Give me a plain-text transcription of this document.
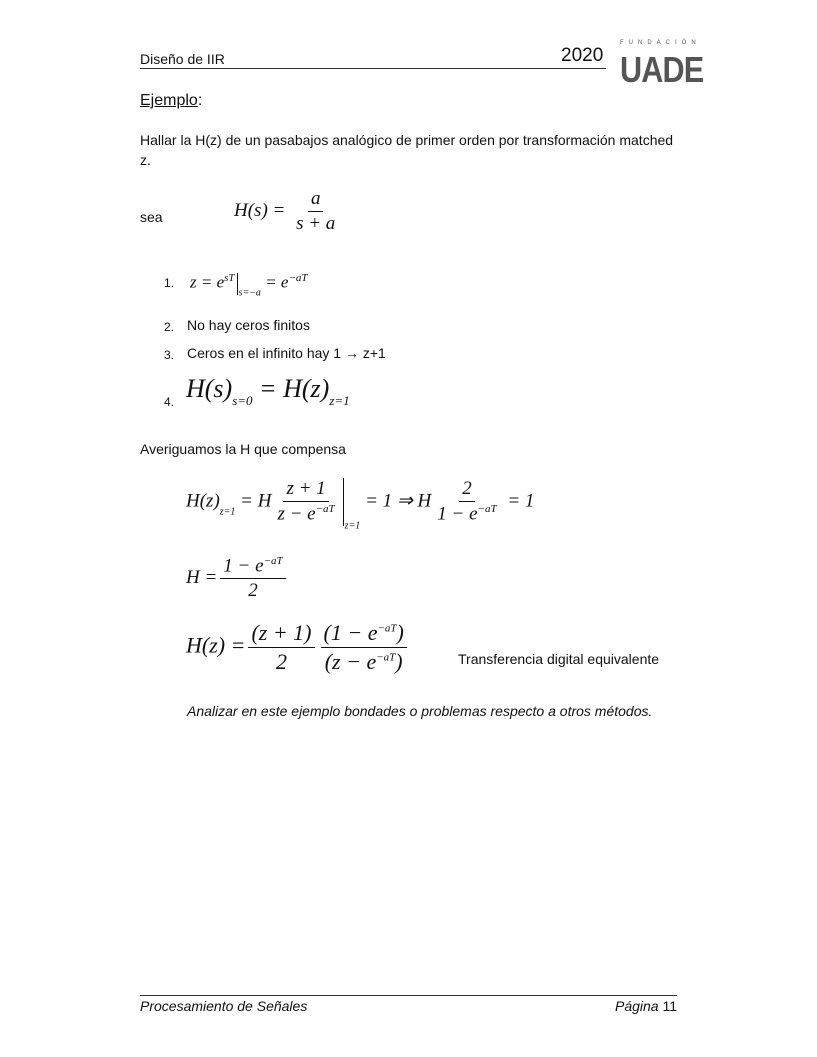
Diseño de IIR	2020
FUNDACIÓN
UADE
Ejemplo:
Hallar la H(z) de un pasabajos analógico de primer orden por transformación matched z.
sea	$H(s) = \frac{a}{s + a}$
1. $z = e^{sT}_{s=-a} = e^{-aT}$
2. No hay ceros finitos
3. Ceros en el infinito hay 1 → z+1
4. $H(s)_{s=0} = H(z)_{z=1}$
Averiguamos la H que compensa
$H(z)_{z=1} = H \frac{z + 1}{z - e^{-aT}}$
$_{z=1}$ = 1 ⇒ H $\frac{2}{1 - e^{-aT}} = 1$
$H = \frac{1 - e^{-aT}}{2}$
$H(z) = \frac{(z + 1)}{2} \frac{(1 - e^{-aT})}{(z - e^{-aT})}$	Transferencia digital equivalente
Analizar en este ejemplo bondades o problemas respecto a otros métodos.
Procesamiento de Señales	Página 11
